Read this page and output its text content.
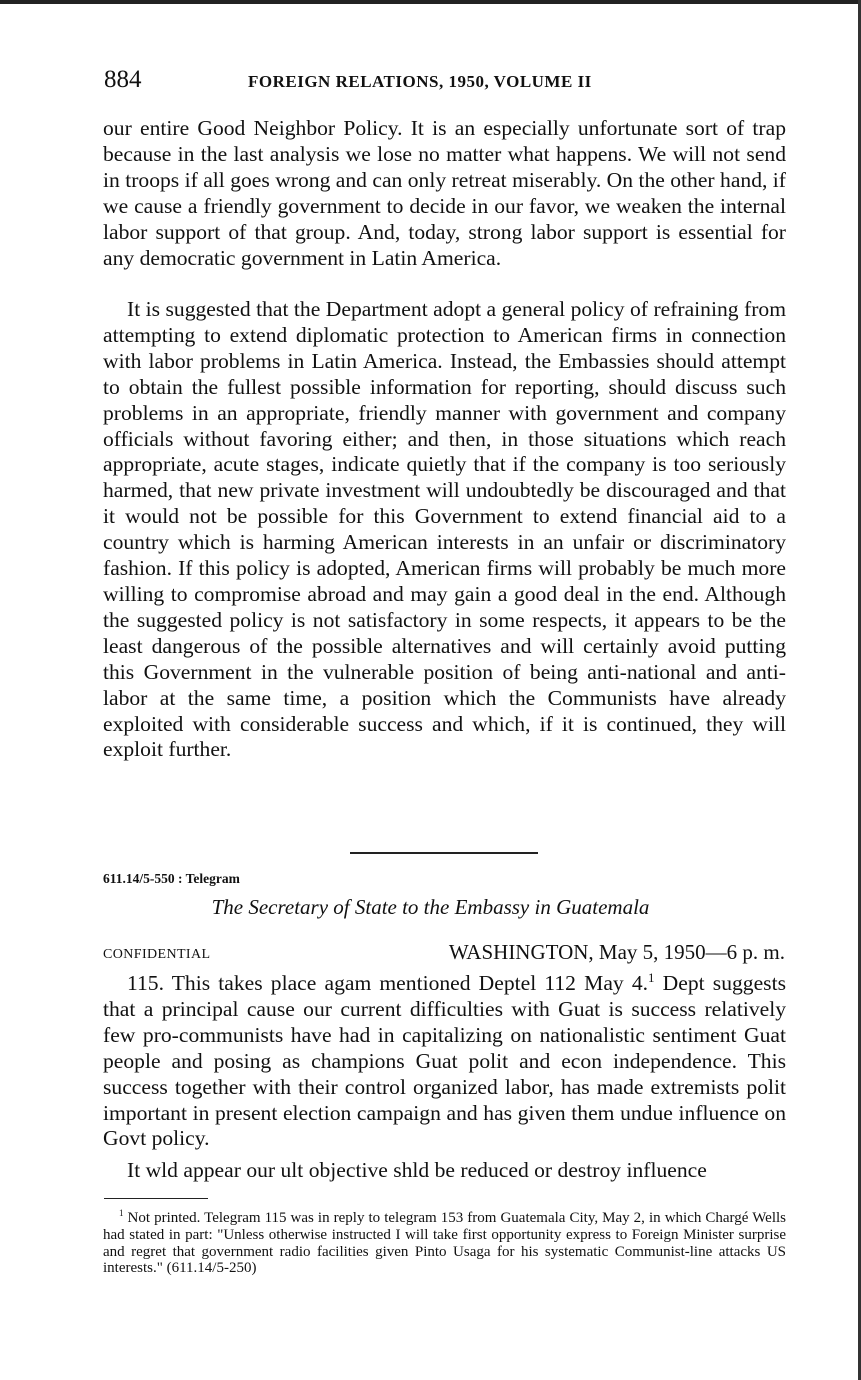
884	FOREIGN RELATIONS, 1950, VOLUME II

our entire Good Neighbor Policy. It is an especially unfortunate sort of trap because in the last analysis we lose no matter what happens. We will not send in troops if all goes wrong and can only retreat miserably. On the other hand, if we cause a friendly government to decide in our favor, we weaken the internal labor support of that group. And, today, strong labor support is essential for any democratic government in Latin America.

It is suggested that the Department adopt a general policy of refraining from attempting to extend diplomatic protection to American firms in connection with labor problems in Latin America. Instead, the Embassies should attempt to obtain the fullest possible information for reporting, should discuss such problems in an appropriate, friendly manner with government and company officials without favoring either; and then, in those situations which reach appropriate, acute stages, indicate quietly that if the company is too seriously harmed, that new private investment will undoubtedly be discouraged and that it would not be possible for this Government to extend financial aid to a country which is harming American interests in an unfair or discriminatory fashion. If this policy is adopted, American firms will probably be much more willing to compromise abroad and may gain a good deal in the end. Although the suggested policy is not satisfactory in some respects, it appears to be the least dangerous of the possible alternatives and will certainly avoid putting this Government in the vulnerable position of being anti-national and anti-labor at the same time, a position which the Communists have already exploited with considerable success and which, if it is continued, they will exploit further.

611.14/5-550 : Telegram
The Secretary of State to the Embassy in Guatemala
CONFIDENTIAL	WASHINGTON, May 5, 1950—6 p. m.

115. This takes place agam mentioned Deptel 112 May 4.$^1$ Dept suggests that a principal cause our current difficulties with Guat is success relatively few pro-communists have had in capitalizing on nationalistic sentiment Guat people and posing as champions Guat polit and econ independence. This success together with their control organized labor, has made extremists polit important in present election campaign and has given them undue influence on Govt policy.

It wld appear our ult objective shld be reduced or destroy influence

$^1$ Not printed. Telegram 115 was in reply to telegram 153 from Guatemala City, May 2, in which Chargé Wells had stated in part: "Unless otherwise instructed I will take first opportunity express to Foreign Minister surprise and regret that government radio facilities given Pinto Usaga for his systematic Communist-line attacks US interests." (611.14/5-250)
